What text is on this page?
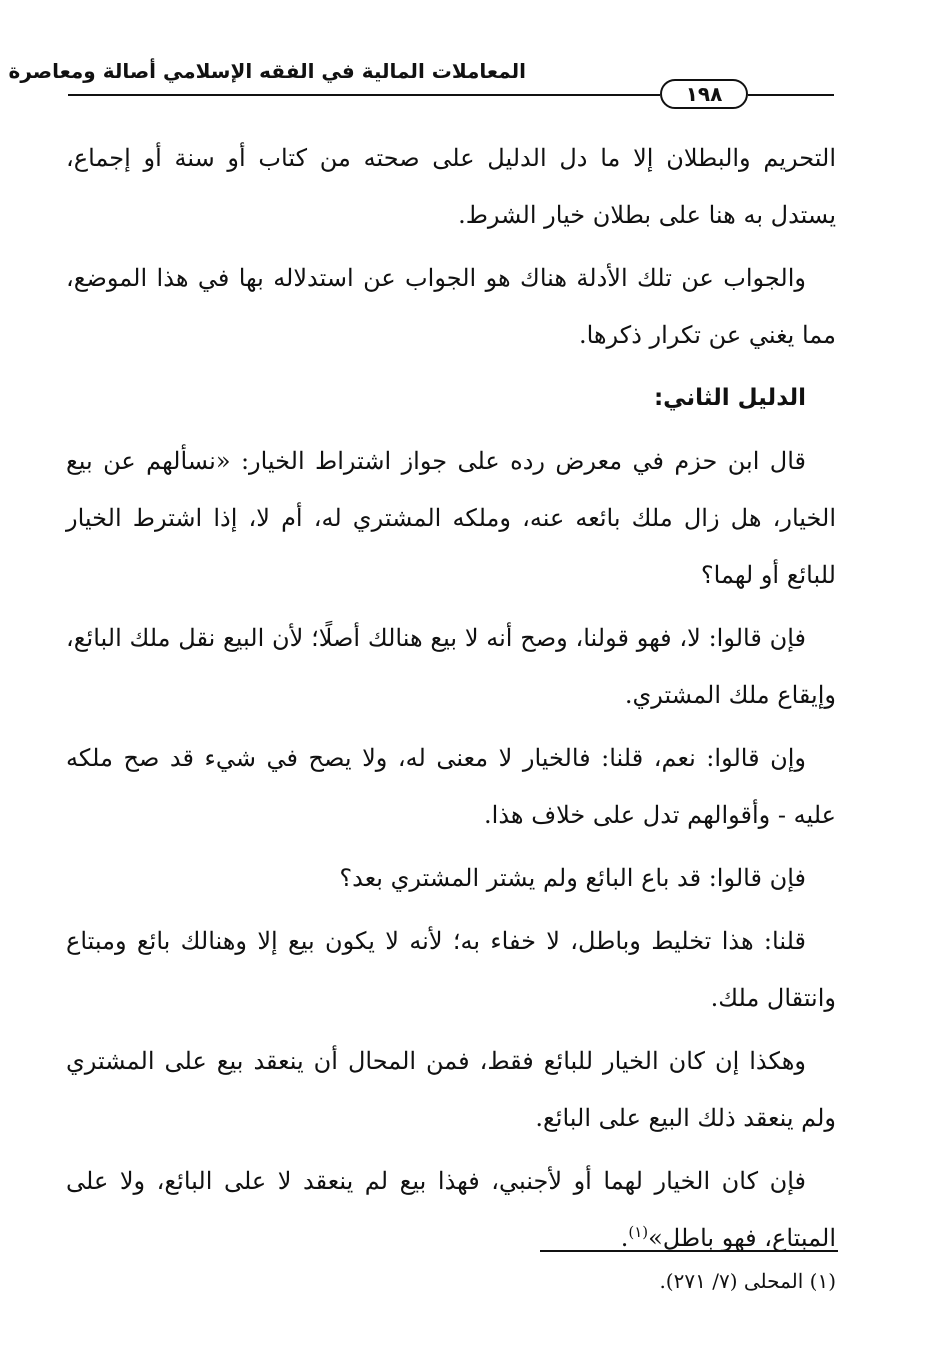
المعاملات المالية في الفقه الإسلامي أصالة ومعاصرة
١٩٨

التحريم والبطلان إلا ما دل الدليل على صحته من كتاب أو سنة أو إجماع، يستدل به هنا على بطلان خيار الشرط.

والجواب عن تلك الأدلة هناك هو الجواب عن استدلاله بها في هذا الموضع، مما يغني عن تكرار ذكرها.

الدليل الثاني:

قال ابن حزم في معرض رده على جواز اشتراط الخيار: «نسألهم عن بيع الخيار، هل زال ملك بائعه عنه، وملكه المشتري له، أم لا، إذا اشترط الخيار للبائع أو لهما؟

فإن قالوا: لا، فهو قولنا، وصح أنه لا بيع هنالك أصلًا؛ لأن البيع نقل ملك البائع، وإيقاع ملك المشتري.

وإن قالوا: نعم، قلنا: فالخيار لا معنى له، ولا يصح في شيء قد صح ملكه عليه - وأقوالهم تدل على خلاف هذا.

فإن قالوا: قد باع البائع ولم يشتر المشتري بعد؟

قلنا: هذا تخليط وباطل، لا خفاء به؛ لأنه لا يكون بيع إلا وهنالك بائع ومبتاع وانتقال ملك.

وهكذا إن كان الخيار للبائع فقط، فمن المحال أن ينعقد بيع على المشتري ولم ينعقد ذلك البيع على البائع.

فإن كان الخيار لهما أو لأجنبي، فهذا بيع لم ينعقد لا على البائع، ولا على المبتاع، فهو باطل»$^{(١)}$.

(١) المحلى (٧/ ٢٧١).
